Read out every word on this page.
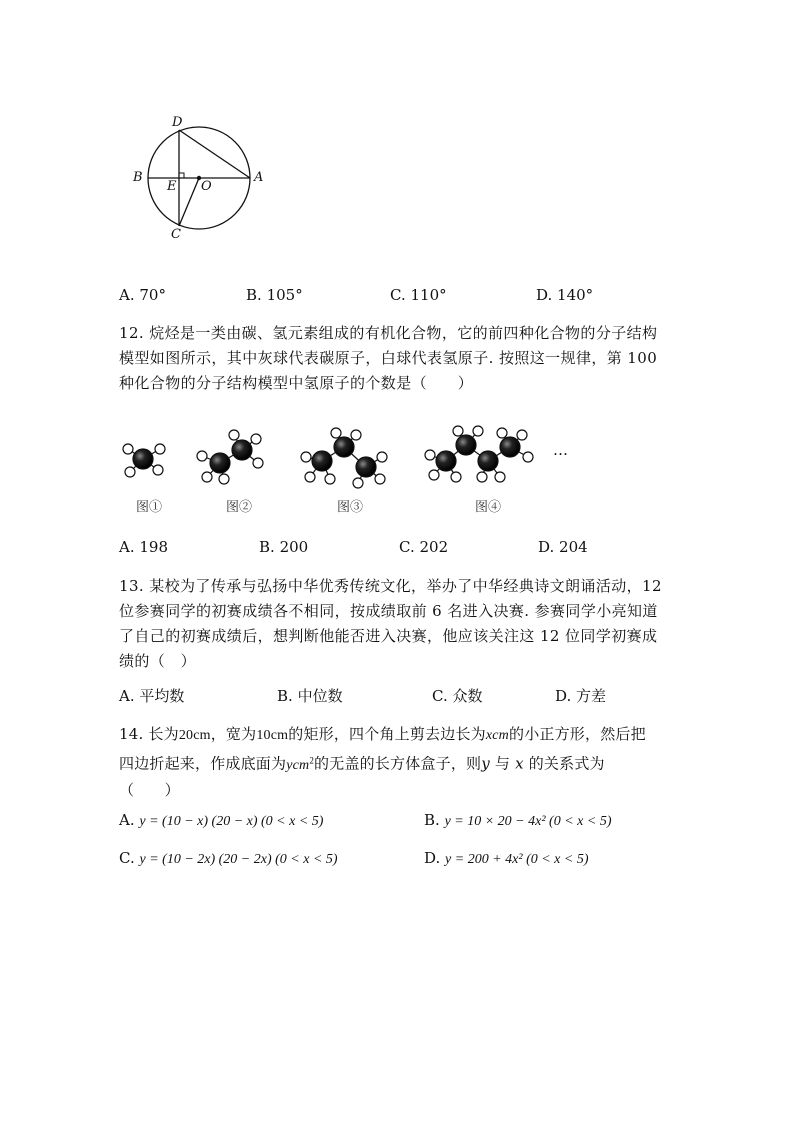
D
B
E O
A
C
A. 70°	B. 105°	C. 110°	D. 140°
12. 烷烃是一类由碳、氢元素组成的有机化合物，它的前四种化合物的分子结构
模型如图所示，其中灰球代表碳原子，白球代表氢原子. 按照这一规律，第 100
种化合物的分子结构模型中氢原子的个数是（　　）
…
图①	图②	图③	图④
A. 198	B. 200	C. 202	D. 204
13. 某校为了传承与弘扬中华优秀传统文化，举办了中华经典诗文朗诵活动，12
位参赛同学的初赛成绩各不相同，按成绩取前 6 名进入决赛. 参赛同学小亮知道
了自己的初赛成绩后，想判断他能否进入决赛，他应该关注这 12 位同学初赛成
绩的（　）
A. 平均数	B. 中位数	C. 众数	D. 方差
14. 长为20cm，宽为10cm的矩形，四个角上剪去边长为xcm的小正方形，然后把
四边折起来，作成底面为ycm$^2$的无盖的长方体盒子，则y 与 x 的关系式为
（　　）
A. y = (10 − x) (20 − x) (0 < x < 5)	B. y = 10 × 20 − 4x² (0 < x < 5)
C. y = (10 − 2x) (20 − 2x) (0 < x < 5)	D. y = 200 + 4x² (0 < x < 5)
